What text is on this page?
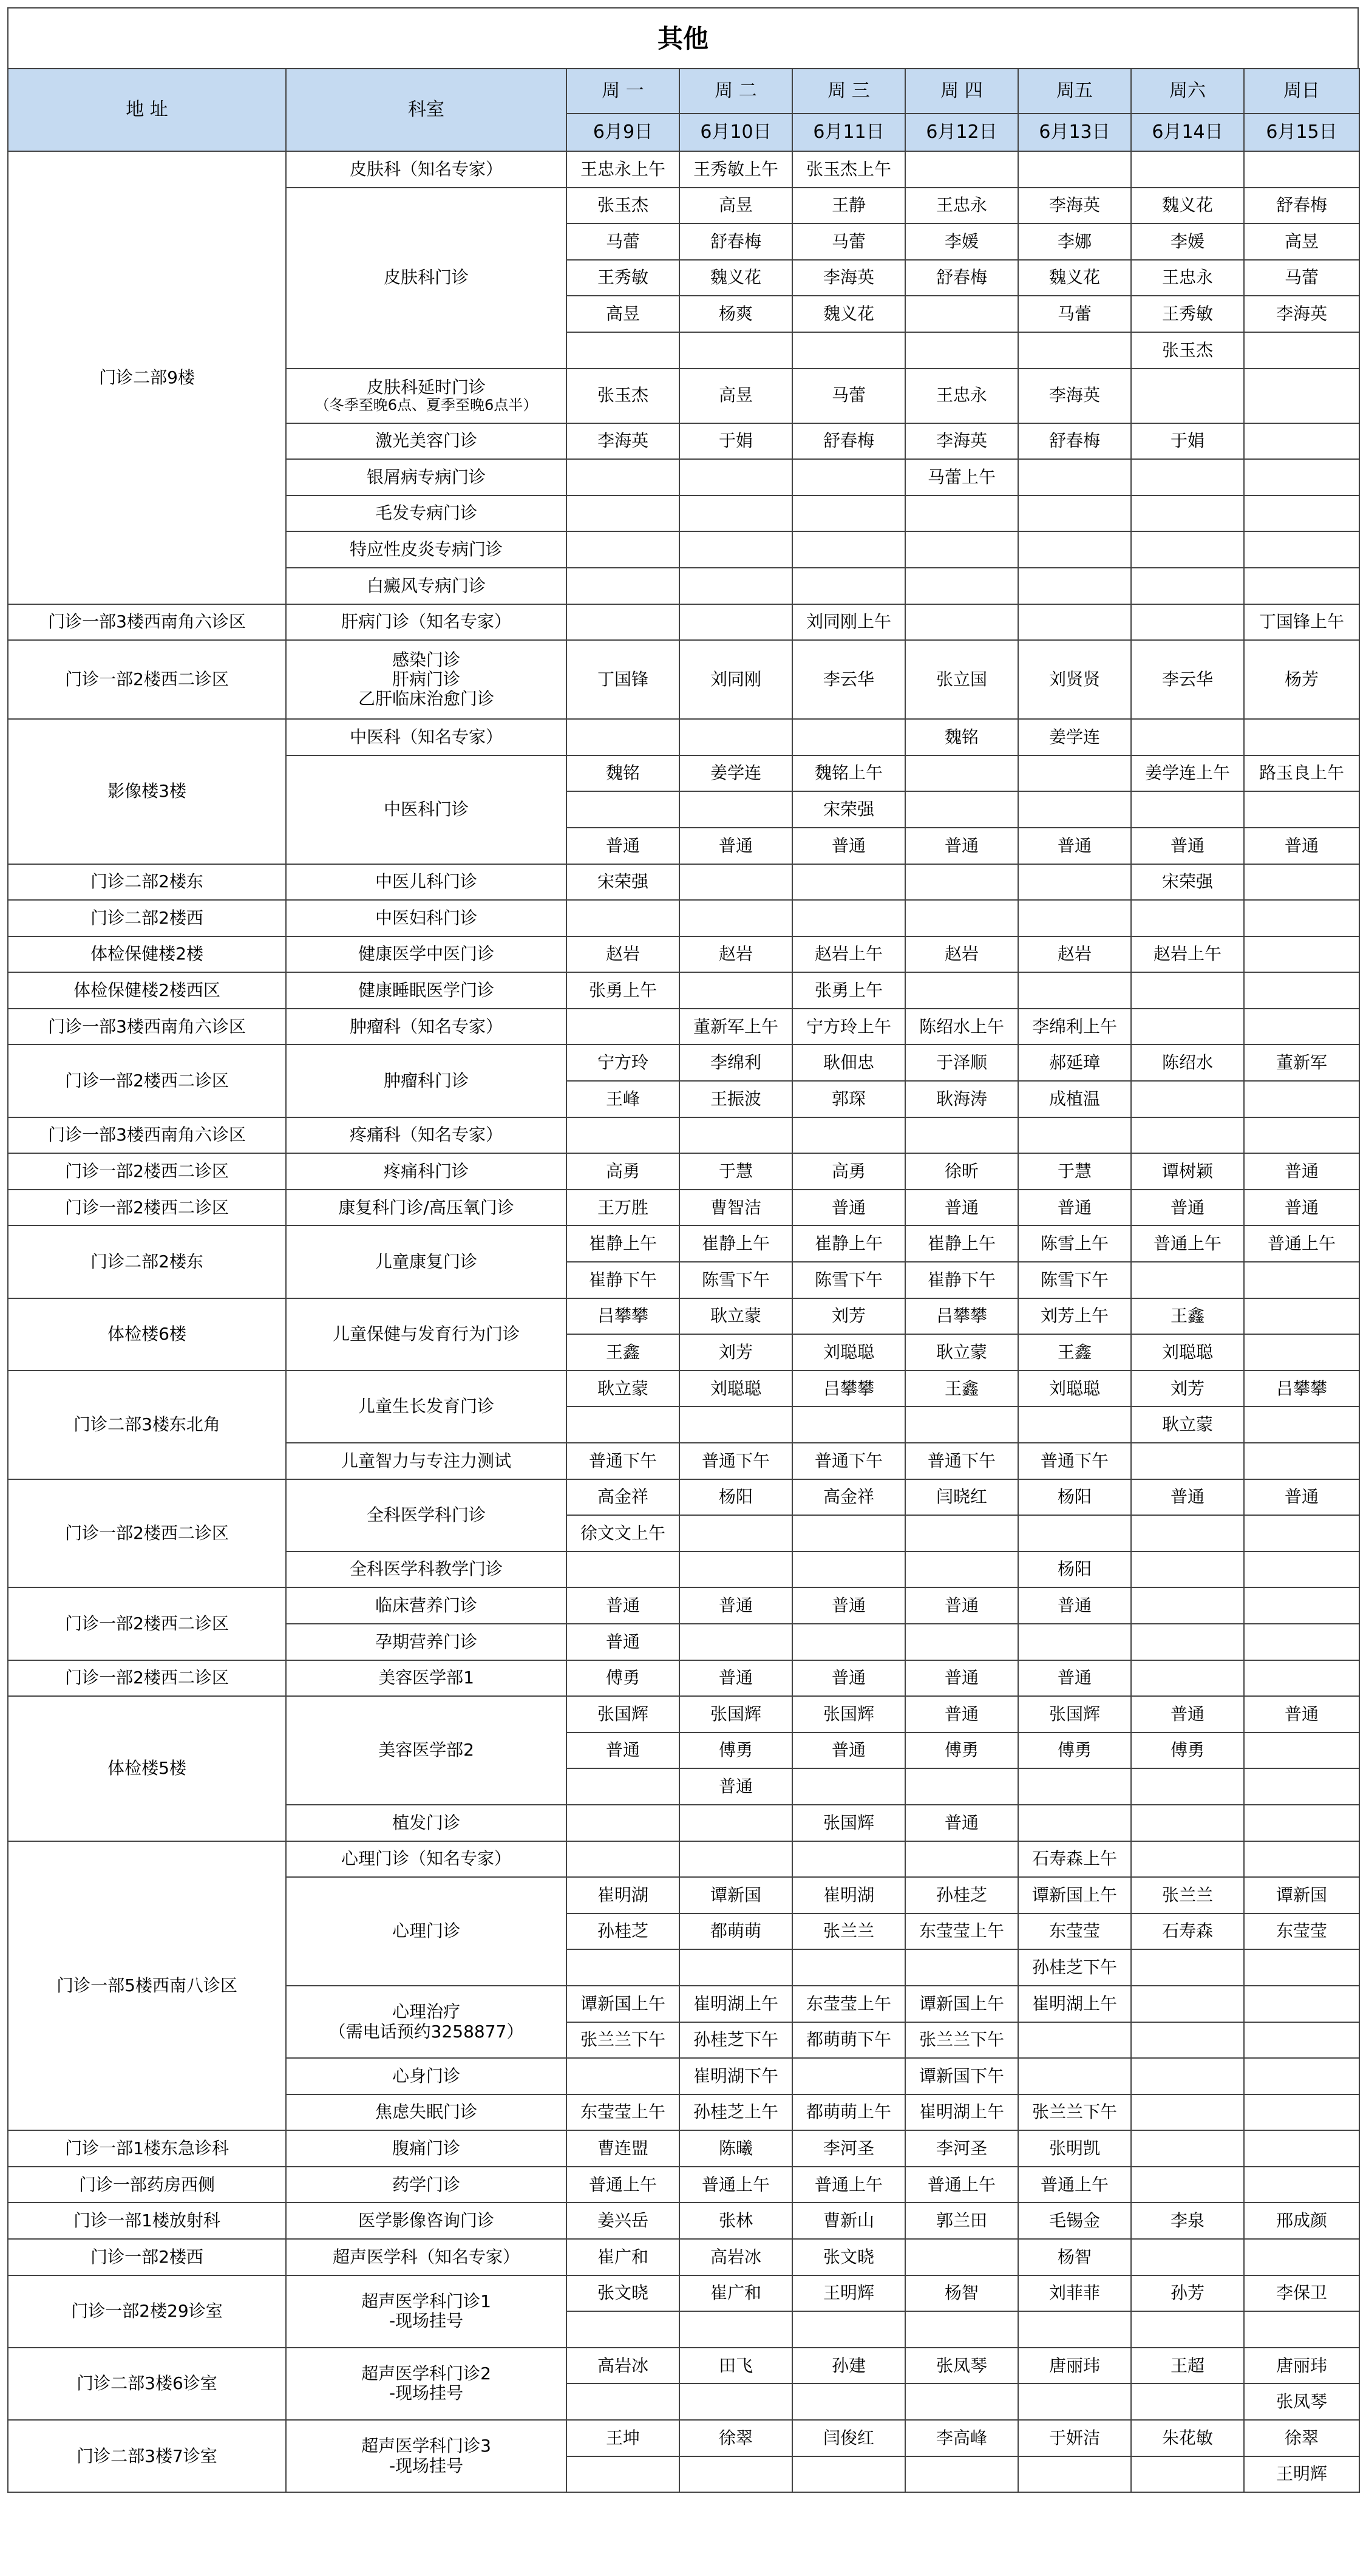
其他
地 址	科室	周 一	周 二	周 三	周 四	周五	周六	周日
		6月9日	6月10日	6月11日	6月12日	6月13日	6月14日	6月15日
门诊二部9楼	皮肤科（知名专家）	王忠永上午	王秀敏上午	张玉杰上午				

	皮肤科门诊	张玉杰	高昱	王静	王忠永	李海英	魏义花	舒春梅
		马蕾	舒春梅	马蕾	李媛	李娜	李媛	高昱
		王秀敏	魏义花	李海英	舒春梅	魏义花	王忠永	马蕾
		高昱	杨爽	魏义花		马蕾	王秀敏	李海英
							张玉杰	

	皮肤科延时门诊
（冬季至晚6点、夏季至晚6点半）	张玉杰	高昱	马蕾	王忠永	李海英		

	激光美容门诊	李海英	于娟	舒春梅	李海英	舒春梅	于娟	

	银屑病专病门诊				马蕾上午			

	毛发专病门诊							

	特应性皮炎专病门诊							

	白癜风专病门诊							

门诊一部3楼西南角六诊区	肝病门诊（知名专家）			刘同刚上午				丁国锋上午
门诊一部2楼西二诊区	感染门诊
肝病门诊
乙肝临床治愈门诊	丁国锋	刘同刚	李云华	张立国	刘贤贤	李云华	杨芳
影像楼3楼	中医科（知名专家）				魏铭	姜学连		

	中医科门诊	魏铭	姜学连	魏铭上午			姜学连上午	路玉良上午
				宋荣强				
		普通	普通	普通	普通	普通	普通	普通
门诊二部2楼东	中医儿科门诊	宋荣强					宋荣强	
门诊二部2楼西	中医妇科门诊							

体检保健楼2楼	健康医学中医门诊	赵岩	赵岩	赵岩上午	赵岩	赵岩	赵岩上午	
体检保健楼2楼西区	健康睡眠医学门诊	张勇上午		张勇上午				
门诊一部3楼西南角六诊区	肿瘤科（知名专家）		董新军上午	宁方玲上午	陈绍水上午	李绵利上午		
门诊一部2楼西二诊区	肿瘤科门诊	宁方玲	李绵利	耿佃忠	于泽顺	郝延璋	陈绍水	董新军
		王峰	王振波	郭琛	耿海涛	成植温		
门诊一部3楼西南角六诊区	疼痛科（知名专家）							

门诊一部2楼西二诊区	疼痛科门诊	高勇	于慧	高勇	徐昕	于慧	谭树颖	普通
门诊一部2楼西二诊区	康复科门诊/高压氧门诊	王万胜	曹智洁	普通	普通	普通	普通	普通
门诊二部2楼东	儿童康复门诊	崔静上午	崔静上午	崔静上午	崔静上午	陈雪上午	普通上午	普通上午
		崔静下午	陈雪下午	陈雪下午	崔静下午	陈雪下午		
体检楼6楼	儿童保健与发育行为门诊	吕攀攀	耿立蒙	刘芳	吕攀攀	刘芳上午	王鑫	
		王鑫	刘芳	刘聪聪	耿立蒙	王鑫	刘聪聪	
门诊二部3楼东北角	儿童生长发育门诊	耿立蒙	刘聪聪	吕攀攀	王鑫	刘聪聪	刘芳	吕攀攀
							耿立蒙	

	儿童智力与专注力测试	普通下午	普通下午	普通下午	普通下午	普通下午		
门诊一部2楼西二诊区	全科医学科门诊	高金祥	杨阳	高金祥	闫晓红	杨阳	普通	普通
		徐文文上午						

	全科医学科教学门诊					杨阳		
门诊一部2楼西二诊区	临床营养门诊	普通	普通	普通	普通	普通		

	孕期营养门诊	普通						
门诊一部2楼西二诊区	美容医学部1	傅勇	普通	普通	普通	普通		
体检楼5楼	美容医学部2	张国辉	张国辉	张国辉	普通	张国辉	普通	普通
		普通	傅勇	普通	傅勇	傅勇	傅勇	
			普通					

	植发门诊			张国辉	普通			
门诊一部5楼西南八诊区	心理门诊（知名专家）					石寿森上午		

	心理门诊	崔明湖	谭新国	崔明湖	孙桂芝	谭新国上午	张兰兰	谭新国
		孙桂芝	都萌萌	张兰兰	东莹莹上午	东莹莹	石寿森	东莹莹
						孙桂芝下午		

	心理治疗
（需电话预约3258877）	谭新国上午	崔明湖上午	东莹莹上午	谭新国上午	崔明湖上午		
		张兰兰下午	孙桂芝下午	都萌萌下午	张兰兰下午			

	心身门诊		崔明湖下午		谭新国下午			

	焦虑失眠门诊	东莹莹上午	孙桂芝上午	都萌萌上午	崔明湖上午	张兰兰下午		
门诊一部1楼东急诊科	腹痛门诊	曹连盟	陈曦	李河圣	李河圣	张明凯		
门诊一部药房西侧	药学门诊	普通上午	普通上午	普通上午	普通上午	普通上午		
门诊一部1楼放射科	医学影像咨询门诊	姜兴岳	张林	曹新山	郭兰田	毛锡金	李泉	邢成颜
门诊一部2楼西	超声医学科（知名专家）	崔广和	高岩冰	张文晓		杨智		
门诊一部2楼29诊室	超声医学科门诊1
-现场挂号	张文晓	崔广和	王明辉	杨智	刘菲菲	孙芳	李保卫

门诊二部3楼6诊室	超声医学科门诊2
-现场挂号	高岩冰	田飞	孙建	张凤琴	唐丽玮	王超	唐丽玮
								张凤琴
门诊二部3楼7诊室	超声医学科门诊3
-现场挂号	王坤	徐翠	闫俊红	李高峰	于妍洁	朱花敏	徐翠
								王明辉
